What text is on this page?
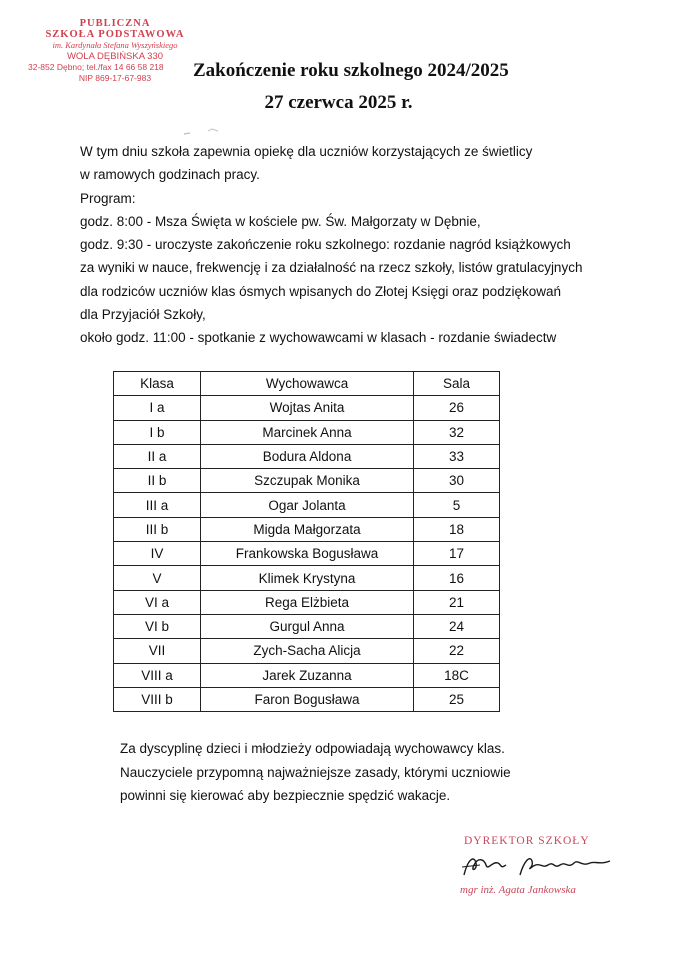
PUBLICZNA
SZKOŁA PODSTAWOWA
im. Kardynała Stefana Wyszyńskiego
WOLA DĘBIŃSKA 330
32-852 Dębno; tel./fax 14 66 58 218
NIP 869-17-67-983	Zakończenie roku szkolnego 2024/2025
27 czerwca 2025 r.

W tym dniu szkoła zapewnia opiekę dla uczniów korzystających ze świetlicy

w ramowych godzinach pracy.

Program:

godz. 8:00 - Msza Święta w kościele pw. Św. Małgorzaty w Dębnie,

godz. 9:30 - uroczyste zakończenie roku szkolnego: rozdanie nagród książkowych

za wyniki w nauce, frekwencję i za działalność na rzecz szkoły, listów gratulacyjnych

dla rodziców uczniów klas ósmych wpisanych do Złotej Księgi oraz podziękowań

dla Przyjaciół Szkoły,

około godz. 11:00 - spotkanie z wychowawcami w klasach - rozdanie świadectw

Klasa	Wychowawca	Sala
I a	Wojtas Anita	26
I b	Marcinek Anna	32
II a	Bodura Aldona	33
II b	Szczupak Monika	30
III a	Ogar Jolanta	5
III b	Migda Małgorzata	18
IV	Frankowska Bogusława	17
V	Klimek Krystyna	16
VI a	Rega Elżbieta	21
VI b	Gurgul Anna	24
VII	Zych-Sacha Alicja	22
VIII a	Jarek Zuzanna	18C
VIII b	Faron Bogusława	25

Za dyscyplinę dzieci i młodzieży odpowiadają wychowawcy klas.

Nauczyciele przypomną najważniejsze zasady, którymi uczniowie

powinni się kierować aby bezpiecznie spędzić wakacje.

DYREKTOR SZKOŁY
mgr inż. Agata Jankowska
